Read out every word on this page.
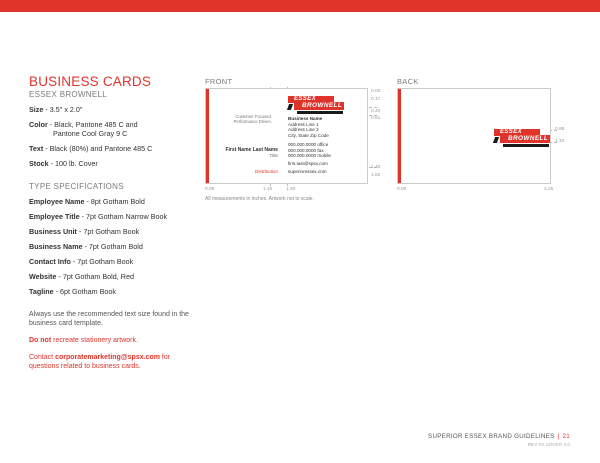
BUSINESS CARDS
ESSEX BROWNELL
Size - 3.5" x 2.0"
Color - Black, Pantone 485 C and
Pantone Cool Gray 9 C
Text - Black (80%) and Pantone 485 C
Stock - 100 lb. Cover
TYPE SPECIFICATIONS
Employee Name - 8pt Gotham Bold
Employee Title - 7pt Gotham Narrow Book
Business Unit - 7pt Gotham Book
Business Name - 7pt Gotham Bold
Contact Info - 7pt Gotham Book
Website - 7pt Gotham Bold, Red
Tagline - 6pt Gotham Book
Always use the recommended text size found in the business card template.
Do not recreate stationery artwork.
Contact corporatemarketing@spsx.com for questions related to business cards.
FRONT
ESSEX
BROWNELL
Customer Focused. Performance Driven.
Business Name
Address Line 1
Address Line 2
City, State Zip Code
000.000.0000 office
000.000.0000 fax
000.000.0000 mobile
first.last@spsx.com
superioressex.com
First Name Last Name
Title
Distribution
0.00
0.17
0.40
0.51
1.40
1.82
0.08	1.40	1.40
BACK
ESSEX
BROWNELL
0.88
1.10
0.00	3.25
All measurements in inches. Artwork not to scale.
SUPERIOR ESSEX BRAND GUIDELINES | 21
REV 02.22/VER 4.0
